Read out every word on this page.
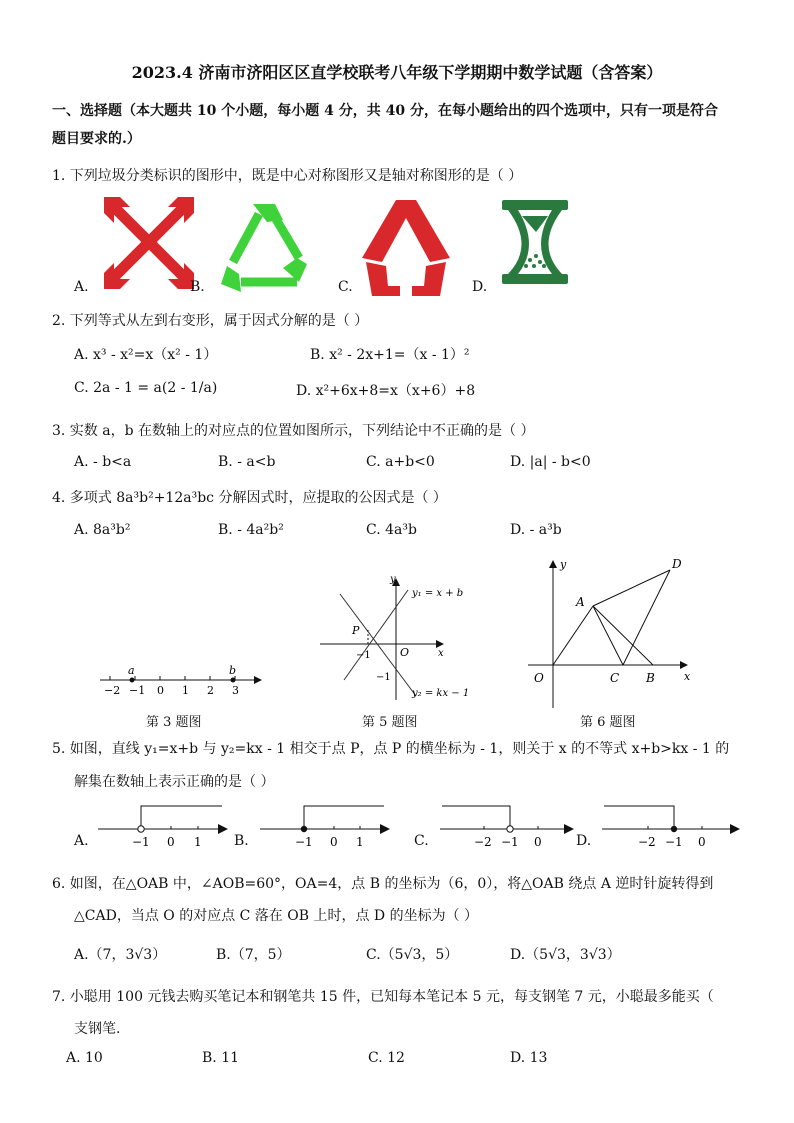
2023.4 济南市济阳区区直学校联考八年级下学期期中数学试题（含答案）
一、选择题（本大题共 10 个小题，每小题 4 分，共 40 分，在每小题给出的四个选项中，只有一项是符合
题目要求的.）
1. 下列垃圾分类标识的图形中，既是中心对称图形又是轴对称图形的是（ ）
A.	B.	C.	D.
2. 下列等式从左到右变形，属于因式分解的是（ ）
A. x³ - x²=x（x² - 1）	B. x² - 2x+1=（x - 1）²
C. 2a - 1 = a(2 - 1/a)	D. x²+6x+8=x（x+6）+8
3. 实数 a，b 在数轴上的对应点的位置如图所示，下列结论中不正确的是（ ）
A. - b<a	B. - a<b	C. a+b<0	D. |a| - b<0
4. 多项式 8a³b²+12a³bc 分解因式时，应提取的公因式是（ ）
A. 8a³b²	B. - 4a²b²	C. 4a³b	D. - a³b
a	b
−2 −1 0 1 2 3
第 3 题图
y
y₁ = x + b
y₂ = kx − 1
P
O
−1
−1
x
第 5 题图
y	D
A
O	C B	x
第 6 题图
5. 如图，直线 y₁=x+b 与 y₂=kx - 1 相交于点 P，点 P 的横坐标为 - 1，则关于 x 的不等式 x+b>kx - 1 的
解集在数轴上表示正确的是（ ）
A.	−1 0 1 B.	−1 0 1	C.	−2 −1 0 D.	−2 −1 0
6. 如图，在△OAB 中，∠AOB=60°，OA=4，点 B 的坐标为（6，0），将△OAB 绕点 A 逆时针旋转得到
△CAD，当点 O 的对应点 C 落在 OB 上时，点 D 的坐标为（ ）
A.（7，3√3）	B.（7，5）	C.（5√3，5）	D.（5√3，3√3）
7. 小聪用 100 元钱去购买笔记本和钢笔共 15 件，已知每本笔记本 5 元，每支钢笔 7 元，小聪最多能买（
支钢笔.
A. 10	B. 11	C. 12	D. 13
